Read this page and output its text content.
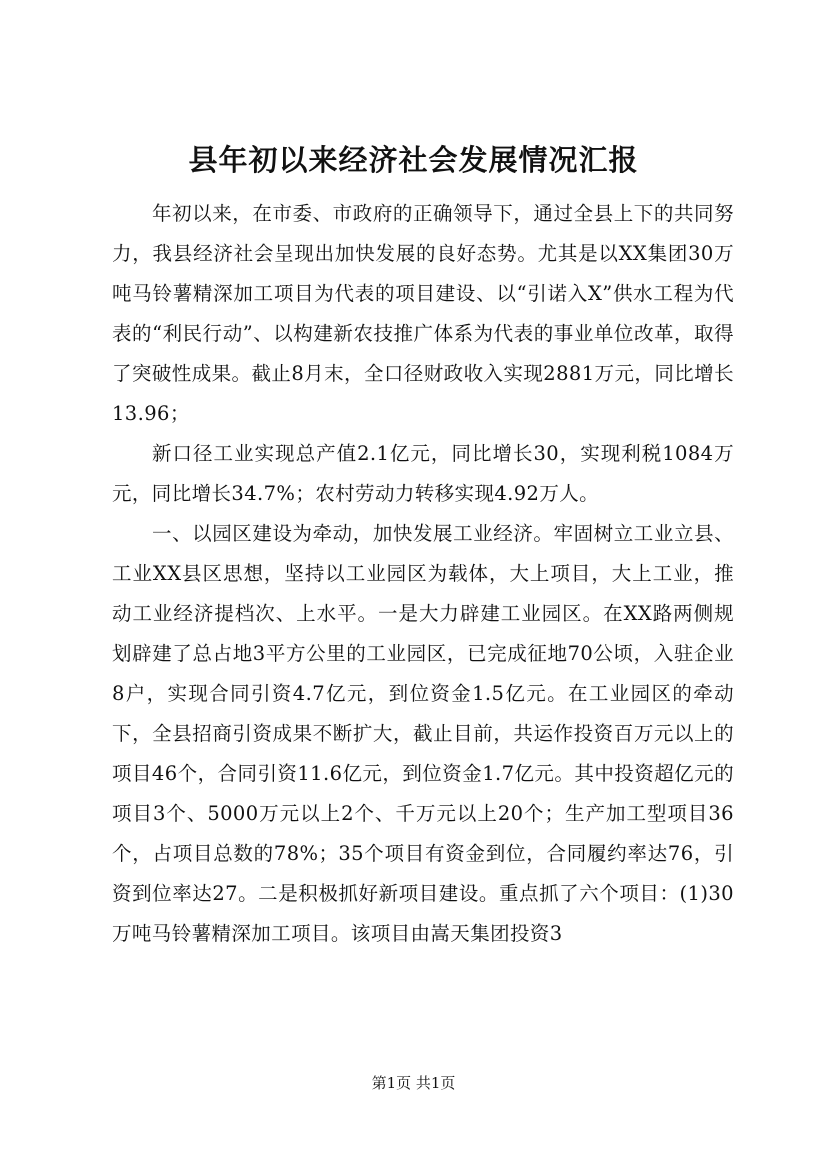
县年初以来经济社会发展情况汇报

年初以来，在市委、市政府的正确领导下，通过全县上下的共同努力，我县经济社会呈现出加快发展的良好态势。尤其是以XX集团30万吨马铃薯精深加工项目为代表的项目建设、以“引诺入X”供水工程为代表的“利民行动”、以构建新农技推广体系为代表的事业单位改革，取得了突破性成果。截止8月末，全口径财政收入实现2881万元，同比增长13.96；

新口径工业实现总产值2.1亿元，同比增长30，实现利税1084万元，同比增长34.7%；农村劳动力转移实现4.92万人。

一、以园区建设为牵动，加快发展工业经济。牢固树立工业立县、工业XX县区思想，坚持以工业园区为载体，大上项目，大上工业，推动工业经济提档次、上水平。一是大力辟建工业园区。在XX路两侧规划辟建了总占地3平方公里的工业园区，已完成征地70公顷，入驻企业8户，实现合同引资4.7亿元，到位资金1.5亿元。在工业园区的牵动下，全县招商引资成果不断扩大，截止目前，共运作投资百万元以上的项目46个，合同引资11.6亿元，到位资金1.7亿元。其中投资超亿元的项目3个、5000万元以上2个、千万元以上20个；生产加工型项目36个，占项目总数的78%；35个项目有资金到位，合同履约率达76，引资到位率达27。二是积极抓好新项目建设。重点抓了六个项目：(1)30万吨马铃薯精深加工项目。该项目由嵩天集团投资3

第1页 共1页
